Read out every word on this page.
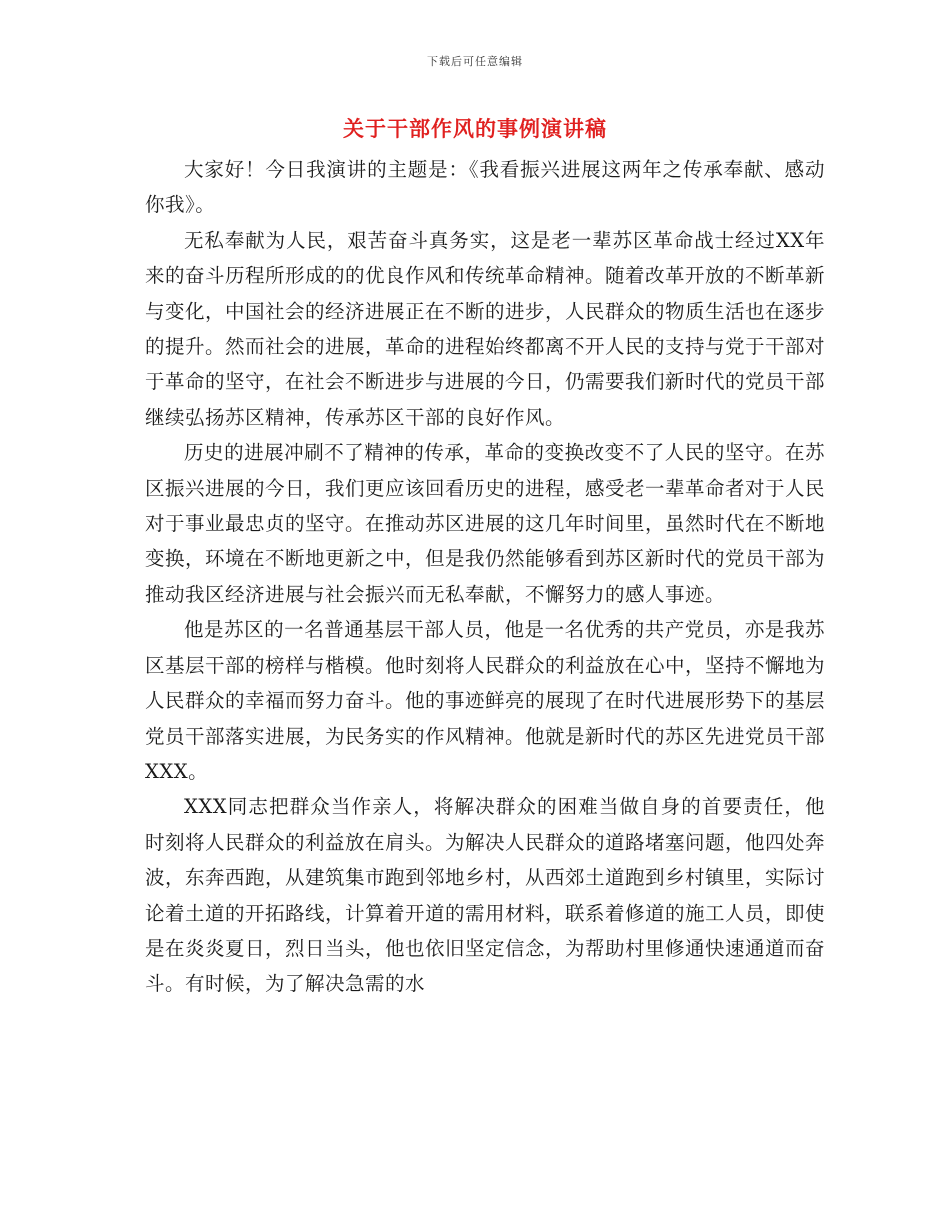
下载后可任意编辑
关于干部作风的事例演讲稿

大家好！今日我演讲的主题是：《我看振兴进展这两年之传承奉献、感动你我》。

无私奉献为人民，艰苦奋斗真务实，这是老一辈苏区革命战士经过XX年来的奋斗历程所形成的的优良作风和传统革命精神。随着改革开放的不断革新与变化，中国社会的经济进展正在不断的进步，人民群众的物质生活也在逐步的提升。然而社会的进展，革命的进程始终都离不开人民的支持与党于干部对于革命的坚守，在社会不断进步与进展的今日，仍需要我们新时代的党员干部继续弘扬苏区精神，传承苏区干部的良好作风。

历史的进展冲刷不了精神的传承，革命的变换改变不了人民的坚守。在苏区振兴进展的今日，我们更应该回看历史的进程，感受老一辈革命者对于人民对于事业最忠贞的坚守。在推动苏区进展的这几年时间里，虽然时代在不断地变换，环境在不断地更新之中，但是我仍然能够看到苏区新时代的党员干部为推动我区经济进展与社会振兴而无私奉献，不懈努力的感人事迹。

他是苏区的一名普通基层干部人员，他是一名优秀的共产党员，亦是我苏区基层干部的榜样与楷模。他时刻将人民群众的利益放在心中，坚持不懈地为人民群众的幸福而努力奋斗。他的事迹鲜亮的展现了在时代进展形势下的基层党员干部落实进展，为民务实的作风精神。他就是新时代的苏区先进党员干部XXX。

XXX同志把群众当作亲人，将解决群众的困难当做自身的首要责任，他时刻将人民群众的利益放在肩头。为解决人民群众的道路堵塞问题，他四处奔波，东奔西跑，从建筑集市跑到邻地乡村，从西郊土道跑到乡村镇里，实际讨论着土道的开拓路线，计算着开道的需用材料，联系着修道的施工人员，即使是在炎炎夏日，烈日当头，他也依旧坚定信念，为帮助村里修通快速通道而奋斗。有时候，为了解决急需的水
